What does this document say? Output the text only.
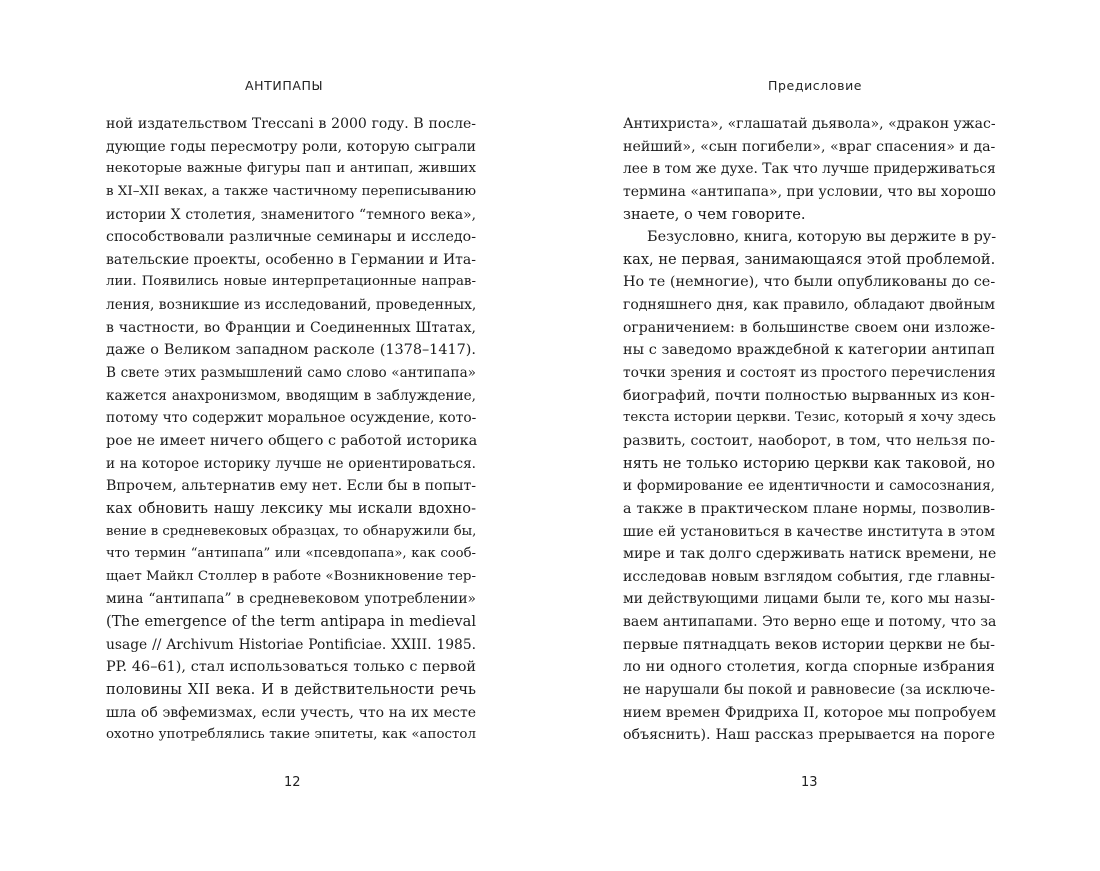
АНТИПАПЫ
ной издательством Treccani в 2000 году. В после-
дующие годы пересмотру роли, которую сыграли
некоторые важные фигуры пап и антипап, живших
в XI–XII веках, а также частичному переписыванию
истории X столетия, знаменитого “темного века»,
способствовали различные семинары и исследо-
вательские проекты, особенно в Германии и Ита-
лии. Появились новые интерпретационные направ-
ления, возникшие из исследований, проведенных,
в частности, во Франции и Соединенных Штатах,
даже о Великом западном расколе (1378–1417).
В свете этих размышлений само слово «антипапа»
кажется анахронизмом, вводящим в заблуждение,
потому что содержит моральное осуждение, кото-
рое не имеет ничего общего с работой историка
и на которое историку лучше не ориентироваться.
Впрочем, альтернатив ему нет. Если бы в попыт-
ках обновить нашу лексику мы искали вдохно-
вение в средневековых образцах, то обнаружили бы,
что термин “антипапа” или «псевдопапа», как сооб-
щает Майкл Столлер в работе «Возникновение тер-
мина “антипапа” в средневековом употреблении»
(The emergence of the term antipapa in medieval
usage // Archivum Historiae Pontificiae. XXIII. 1985.
PP. 46–61), стал использоваться только с первой
половины XII века. И в действительности речь
шла об эвфемизмах, если учесть, что на их месте
охотно употреблялись такие эпитеты, как «апостол
12
Предисловие
Антихриста», «глашатай дьявола», «дракон ужас-
нейший», «сын погибели», «враг спасения» и да-
лее в том же духе. Так что лучше придерживаться
термина «антипапа», при условии, что вы хорошо
знаете, о чем говорите.
Безусловно, книга, которую вы держите в ру-
ках, не первая, занимающаяся этой проблемой.
Но те (немногие), что были опубликованы до се-
годняшнего дня, как правило, обладают двойным
ограничением: в большинстве своем они изложе-
ны с заведомо враждебной к категории антипап
точки зрения и состоят из простого перечисления
биографий, почти полностью вырванных из кон-
текста истории церкви. Тезис, который я хочу здесь
развить, состоит, наоборот, в том, что нельзя по-
нять не только историю церкви как таковой, но
и формирование ее идентичности и самосознания,
а также в практическом плане нормы, позволив-
шие ей установиться в качестве института в этом
мире и так долго сдерживать натиск времени, не
исследовав новым взглядом события, где главны-
ми действующими лицами были те, кого мы назы-
ваем антипапами. Это верно еще и потому, что за
первые пятнадцать веков истории церкви не бы-
ло ни одного столетия, когда спорные избрания
не нарушали бы покой и равновесие (за исключе-
нием времен Фридриха II, которое мы попробуем
объяснить). Наш рассказ прерывается на пороге
13
